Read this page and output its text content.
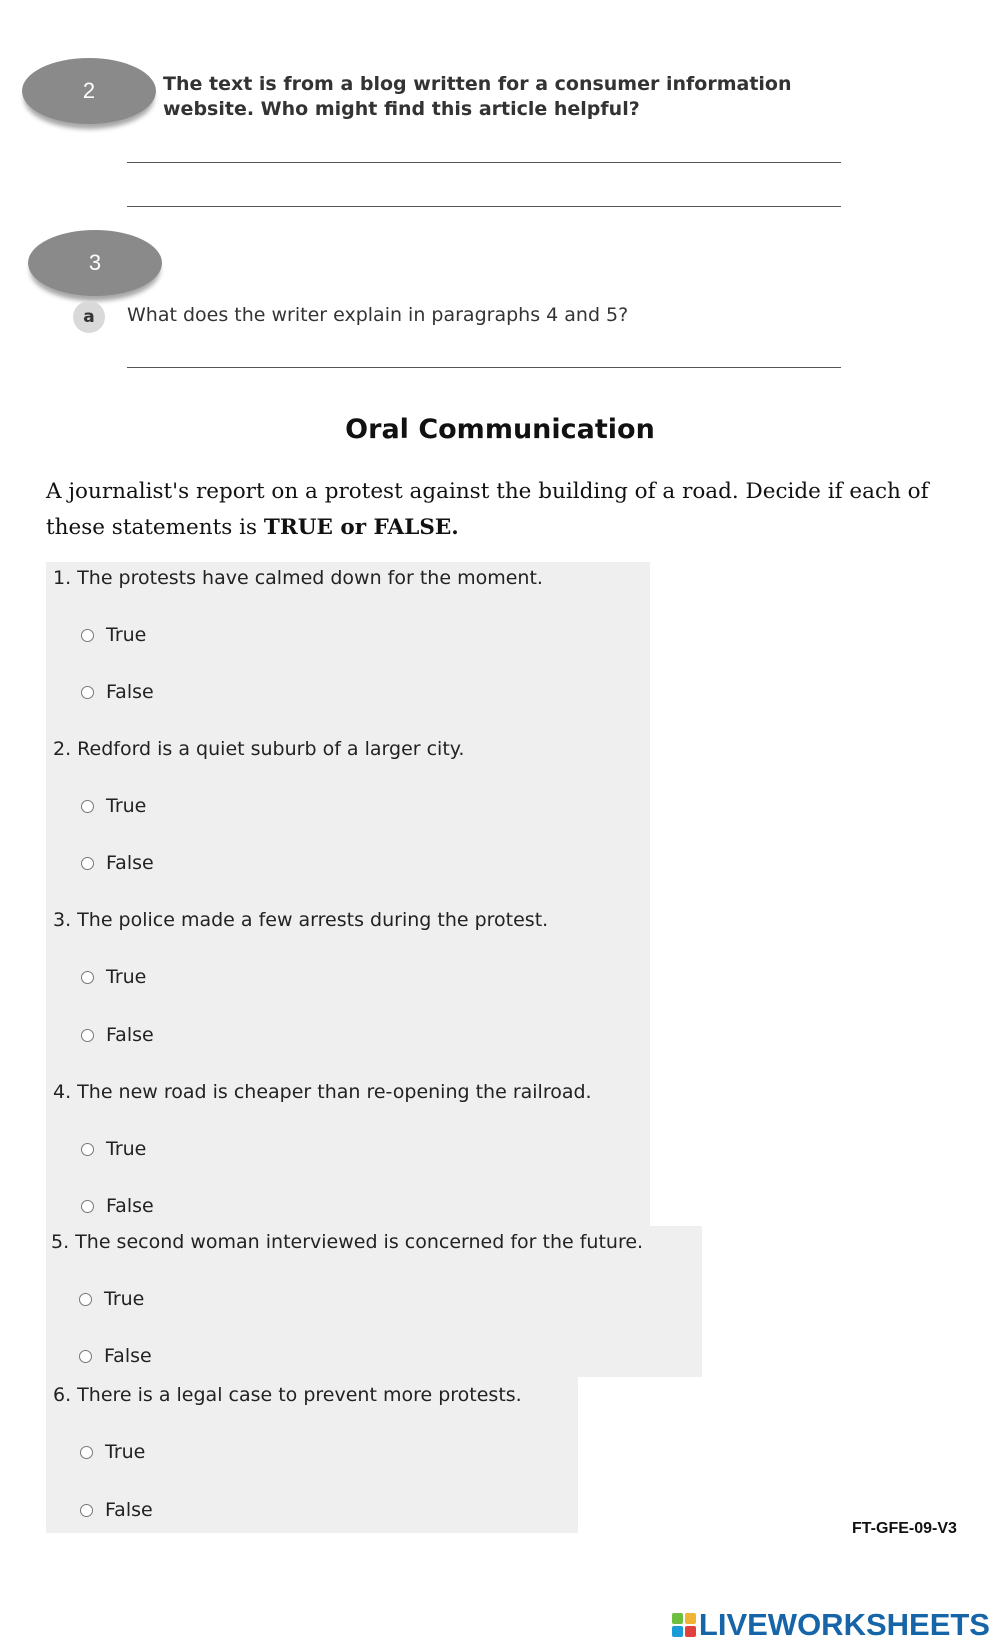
2	The text is from a blog written for a consumer information
website. Who might find this article helpful?
3
a	What does the writer explain in paragraphs 4 and 5?
Oral Communication
A journalist's report on a protest against the building of a road. Decide if each of these statements is TRUE or FALSE.
1. The protests have calmed down for the moment.
True
False
2. Redford is a quiet suburb of a larger city.
True
False
3. The police made a few arrests during the protest.
True
False
4. The new road is cheaper than re-opening the railroad.
True
False
5. The second woman interviewed is concerned for the future.
True
False
6. There is a legal case to prevent more protests.
True
False
FT-GFE-09-V3
LIVEWORKSHEETS
